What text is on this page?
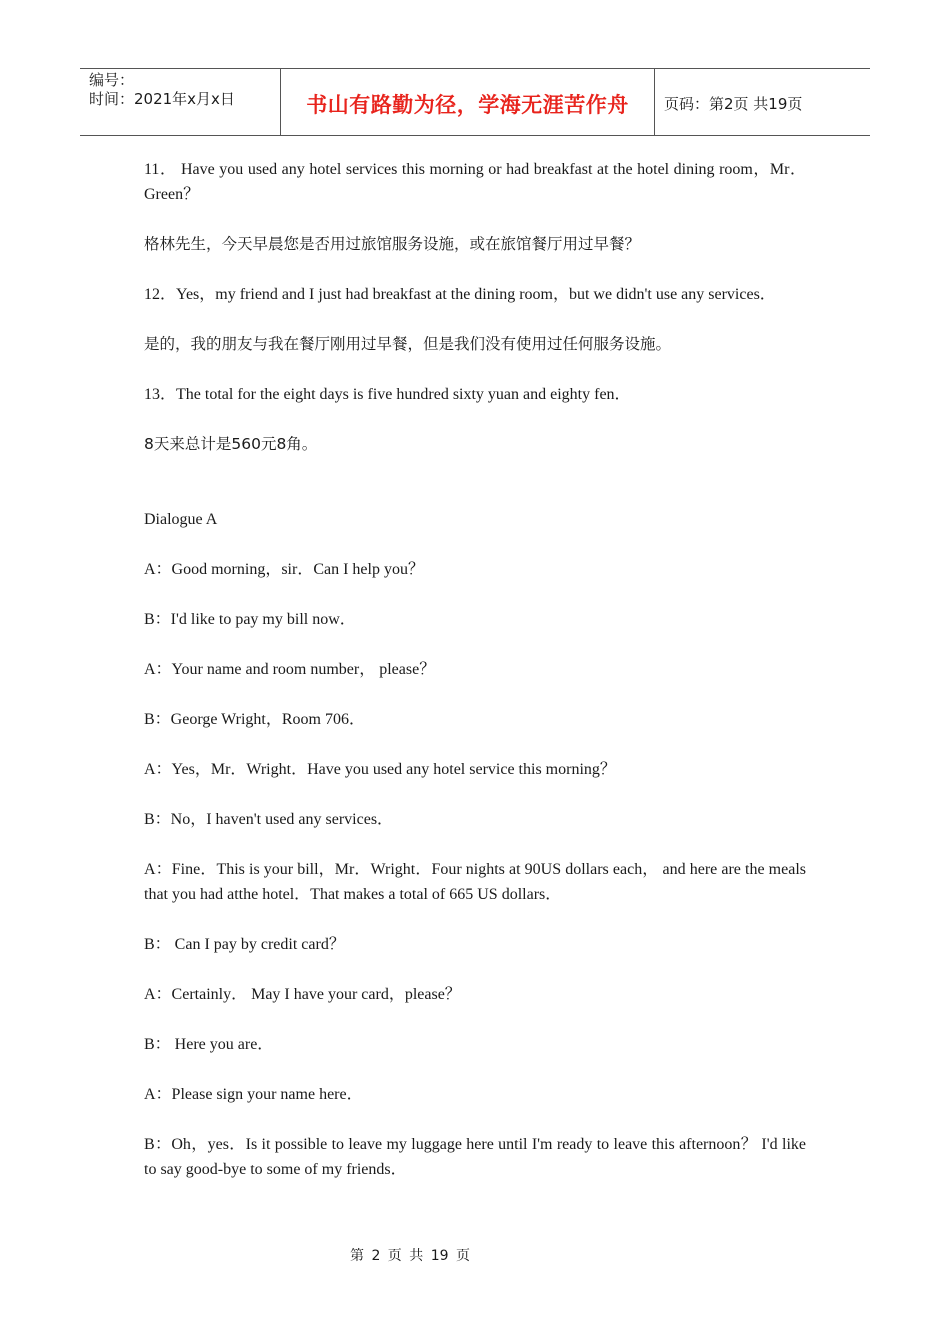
编号：
时间：2021年x月x日	书山有路勤为径，学海无涯苦作舟	页码：第2页 共19页

11． Have you used any hotel services this morning or had breakfast at the hotel dining room，Mr．Green？

格林先生，今天早晨您是否用过旅馆服务设施，或在旅馆餐厅用过早餐？

12．Yes，my friend and I just had breakfast at the dining room，but we didn't use any services．

是的，我的朋友与我在餐厅刚用过早餐，但是我们没有使用过任何服务设施。

13．The total for the eight days is five hundred sixty yuan and eighty fen．

8天来总计是560元8角。

Dialogue A

A：Good morning，sir．Can I help you？

B：I'd like to pay my bill now．

A：Your name and room number， please？

B：George Wright，Room 706．

A：Yes，Mr．Wright．Have you used any hotel service this morning？

B：No，I haven't used any services．

A：Fine．This is your bill，Mr．Wright．Four nights at 90US dollars each， and here are the meals that you had atthe hotel．That makes a total of 665 US dollars．

B： Can I pay by credit card？

A：Certainly． May I have your card，please？

B： Here you are．

A：Please sign your name here．

B：Oh，yes．Is it possible to leave my luggage here until I'm ready to leave this afternoon？ I'd like to say good-bye to some of my friends．

第 2 页 共 19 页
